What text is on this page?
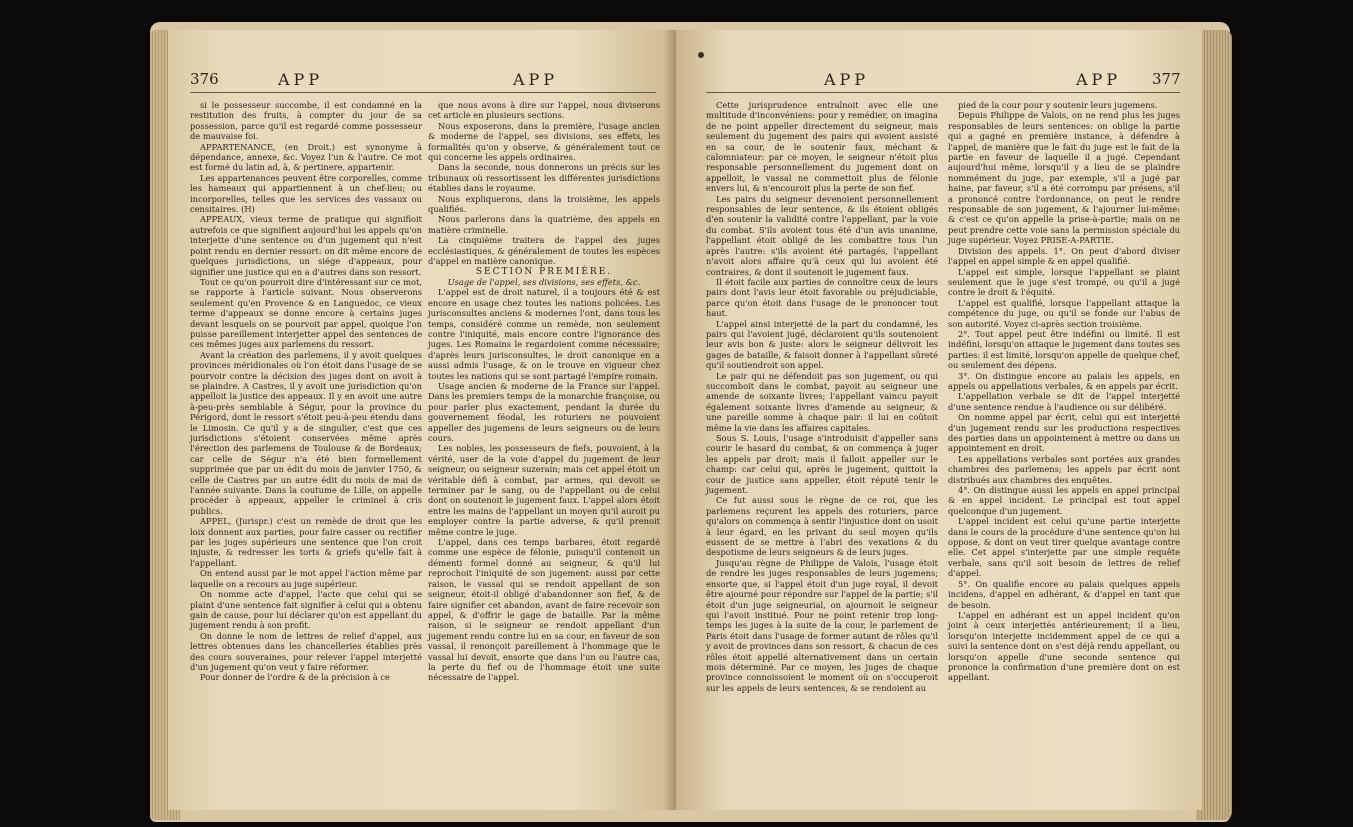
376	APP	APP

si le possesseur succombe, il est condamné en la restitution des fruits, à compter du jour de sa possession, parce qu'il est regardé comme possesseur de mauvaise foi.

APPARTENANCE, (en Droit.) est synonyme à dépendance, annexe, &c. Voyez l'un & l'autre. Ce mot est formé du latin ad, à, & pertinere, appartenir.

Les appartenances peuvent être corporelles, comme les hameaux qui appartiennent à un chef-lieu; ou incorporelles, telles que les services des vassaux ou censitaires. (H)

APPEAUX, vieux terme de pratique qui signifioit autrefois ce que signifient aujourd'hui les appels qu'on interjette d'une sentence ou d'un jugement qui n'est point rendu en dernier ressort: on dit même encore de quelques jurisdictions, un siége d'appeaux, pour signifier une justice qui en a d'autres dans son ressort.

Tout ce qu'on pourroit dire d'intéressant sur ce mot, se rapporte à l'article suivant. Nous observerons seulement qu'en Provence & en Languedoc, ce vieux terme d'appeaux se donne encore à certains juges devant lesquels on se pourvoit par appel, quoique l'on puisse pareillement interjetter appel des sentences de ces mêmes juges aux parlemens du ressort.

Avant la création des parlemens, il y avoit quelques provinces méridionales où l'on étoit dans l'usage de se pourvoir contre la décision des juges dont on avoit à se plaindre. A Castres, il y avoit une jurisdiction qu'on appelloit la justice des appeaux. Il y en avoit une autre à-peu-près semblable à Ségur, pour la province du Périgord, dont le ressort s'étoit peu-à-peu étendu dans le Limosin. Ce qu'il y a de singulier, c'est que ces jurisdictions s'étoient conservées même après l'érection des parlemens de Toulouse & de Bordeaux; car celle de Ségur n'a été bien formellement supprimée que par un édit du mois de janvier 1750, & celle de Castres par un autre édit du mois de mai de l'année suivante. Dans la coutume de Lille, on appelle procéder à appeaux, appeller le criminel à cris publics.

APPEL, (Jurispr.) c'est un remède de droit que les loix donnent aux parties, pour faire casser ou rectifier par les juges supérieurs une sentence que l'on croit injuste, & redresser les torts & griefs qu'elle fait à l'appellant.

On entend aussi par le mot appel l'action même par laquelle on a recours au juge supérieur.

On nomme acte d'appel, l'acte que celui qui se plaint d'une sentence fait signifier à celui qui a obtenu gain de cause, pour lui déclarer qu'on est appellant du jugement rendu à son profit.

On donne le nom de lettres de relief d'appel, aux lettres obtenues dans les chancelleries établies près des cours souveraines, pour relever l'appel interjetté d'un jugement qu'on veut y faire réformer.

Pour donner de l'ordre & de la précision à ce

que nous avons à dire sur l'appel, nous diviserons cet article en plusieurs sections.

Nous exposerons, dans la première, l'usage ancien & moderne de l'appel, ses divisions, ses effets, les formalités qu'on y observe, & généralement tout ce qui concerne les appels ordinaires.

Dans la seconde, nous donnerons un précis sur les tribunaux où ressortissent les différentes jurisdictions établies dans le royaume.

Nous expliquerons, dans la troisième, les appels qualifiés.

Nous parlerons dans la quatrième, des appels en matière criminelle.

La cinquième traitera de l'appel des juges ecclésiastiques, & généralement de toutes les espèces d'appel en matière canonique.

SECTION PREMIÈRE.

Usage de l'appel, ses divisions, ses effets, &c.

L'appel est de droit naturel, il a toujours été & est encore en usage chez toutes les nations policées. Les jurisconsultes anciens & modernes l'ont, dans tous les temps, considéré comme un remède, non seulement contre l'iniquité, mais encore contre l'ignorance des juges. Les Romains le regardoient comme nécessaire; d'après leurs jurisconsultes, le droit canonique en a aussi admis l'usage, & on le trouve en vigueur chez toutes les nations qui se sont partagé l'empire romain.

Usage ancien & moderne de la France sur l'appel. Dans les premiers temps de la monarchie françoise, ou pour parler plus exactement, pendant la durée du gouvernement féodal, les roturiers ne pouvoient appeller des jugemens de leurs seigneurs ou de leurs cours.

Les nobles, les possesseurs de fiefs, pouvoient, à la vérité, user de la voie d'appel du jugement de leur seigneur, ou seigneur suzerain; mais cet appel étoit un véritable défi à combat, par armes, qui devoit se terminer par le sang, ou de l'appellant ou de celui dont on soutenoit le jugement faux. L'appel alors étoit entre les mains de l'appellant un moyen qu'il auroit pu employer contre la partie adverse, & qu'il prenoit même contre le juge.

L'appel, dans ces temps barbares, étoit regardé comme une espèce de félonie, puisqu'il contenoit un démenti formel donné au seigneur, & qu'il lui reprochoit l'iniquité de son jugement: aussi par cette raison, le vassal qui se rendoit appellant de son seigneur, étoit-il obligé d'abandonner son fief, & de faire signifier cet abandon, avant de faire recevoir son appel, & d'offrir le gage de bataille. Par la même raison, si le seigneur se rendoit appellant d'un jugement rendu contre lui en sa cour, en faveur de son vassal, il renonçoit pareillement à l'hommage que le vassal lui devoit, ensorte que dans l'un ou l'autre cas, la perte du fief ou de l'hommage étoit une suite nécessaire de l'appel.

APP	APP 377

Cette jurisprudence entraînoit avec elle une multitude d'inconvéniens: pour y remédier, on imagina de ne point appeller directement du seigneur, mais seulement du jugement des pairs qui avoient assisté en sa cour, de le soutenir faux, méchant & calomniateur: par ce moyen, le seigneur n'étoit plus responsable personnellement du jugement dont on appelloit, le vassal ne commettoit plus de félonie envers lui, & n'encouroit plus la perte de son fief.

Les pairs du seigneur devenoient personnellement responsables de leur sentence, & ils étoient obligés d'en soutenir la validité contre l'appellant, par la voie du combat. S'ils avoient tous été d'un avis unanime, l'appellant étoit obligé de les combattre tous l'un après l'autre: s'ils avoient été partagés, l'appellant n'avoit alors affaire qu'à ceux qui lui avoient été contraires, & dont il soutenoit le jugement faux.

Il étoit facile aux parties de connoître ceux de leurs pairs dont l'avis leur étoit favorable ou préjudiciable, parce qu'on étoit dans l'usage de le prononcer tout haut.

L'appel ainsi interjetté de la part du condamné, les pairs qui l'avoient jugé, déclaroient qu'ils soutenoient leur avis bon & juste: alors le seigneur délivroit les gages de bataille, & faisoit donner à l'appellant sûreté qu'il soutiendroit son appel.

Le pair qui ne défendoit pas son jugement, ou qui succomboit dans le combat, payoit au seigneur une amende de soixante livres; l'appellant vaincu payoit également soixante livres d'amende au seigneur, & une pareille somme à chaque pair: il lui en coûtoit même la vie dans les affaires capitales.

Sous S. Louis, l'usage s'introduisit d'appeller sans courir le hasard du combat, & on commença à juger les appels par droit; mais il falloit appeller sur le champ: car celui qui, après le jugement, quittoit la cour de justice sans appeller, étoit réputé tenir le jugement.

Ce fut aussi sous le règne de ce roi, que les parlemens reçurent les appels des roturiers, parce qu'alors on commença à sentir l'injustice dont on usoit à leur égard, en les privant du seul moyen qu'ils eussent de se mettre à l'abri des vexations & du despotisme de leurs seigneurs & de leurs juges.

Jusqu'au règne de Philippe de Valois, l'usage étoit de rendre les juges responsables de leurs jugemens; ensorte que, si l'appel étoit d'un juge royal, il devoit être ajourné pour répondre sur l'appel de la partie; s'il étoit d'un juge seigneurial, on ajournoit le seigneur qui l'avoit institué. Pour ne point retenir trop long-temps les juges à la suite de la cour, le parlement de Paris étoit dans l'usage de former autant de rôles qu'il y avoit de provinces dans son ressort, & chacun de ces rôles étoit appellé alternativement dans un certain mois déterminé. Par ce moyen, les juges de chaque province connoissoient le moment où on s'occuperoit sur les appels de leurs sentences, & se rendoient au

pied de la cour pour y soutenir leurs jugemens.

Depuis Philippe de Valois, on ne rend plus les juges responsables de leurs sentences: on oblige la partie qui a gagné en première instance, à défendre à l'appel, de manière que le fait du juge est le fait de la partie en faveur de laquelle il a jugé. Cependant aujourd'hui même, lorsqu'il y a lieu de se plaindre nommément du juge, par exemple, s'il a jugé par haine, par faveur, s'il a été corrompu par présens, s'il a prononcé contre l'ordonnance, on peut le rendre responsable de son jugement, & l'ajourner lui-même: & c'est ce qu'on appelle la prise-à-partie; mais on ne peut prendre cette voie sans la permission spéciale du juge supérieur. Voyez PRISE-A-PARTIE.

Division des appels. 1°. On peut d'abord diviser l'appel en appel simple & en appel qualifié.

L'appel est simple, lorsque l'appellant se plaint seulement que le juge s'est trompé, ou qu'il a jugé contre le droit & l'équité.

L'appel est qualifié, lorsque l'appellant attaque la compétence du juge, ou qu'il se fonde sur l'abus de son autorité. Voyez ci-après section troisième.

2°. Tout appel peut être indéfini ou limité. Il est indéfini, lorsqu'on attaque le jugement dans toutes ses parties: il est limité, lorsqu'on appelle de quelque chef, ou seulement des dépens.

3°. On distingue encore au palais les appels, en appels ou appellations verbales, & en appels par écrit.

L'appellation verbale se dit de l'appel interjetté d'une sentence rendue à l'audience ou sur délibéré.

On nomme appel par écrit, celui qui est interjetté d'un jugement rendu sur les productions respectives des parties dans un appointement à mettre ou dans un appointement en droit.

Les appellations verbales sont portées aux grandes chambres des parlemens; les appels par écrit sont distribués aux chambres des enquêtes.

4°. On distingue aussi les appels en appel principal & en appel incident. Le principal est tout appel quelconque d'un jugement.

L'appel incident est celui qu'une partie interjette dans le cours de la procédure d'une sentence qu'on lui oppose, & dont on veut tirer quelque avantage contre elle. Cet appel s'interjette par une simple requête verbale, sans qu'il soit besoin de lettres de relief d'appel.

5°. On qualifie encore au palais quelques appels incidens, d'appel en adhérant, & d'appel en tant que de besoin.

L'appel en adhérant est un appel incident qu'on joint à ceux interjettés antérieurement; il a lieu, lorsqu'on interjette incidemment appel de ce qui a suivi la sentence dont on s'est déjà rendu appellant, ou lorsqu'on appelle d'une seconde sentence qui prononce la confirmation d'une première dont on est appellant.
